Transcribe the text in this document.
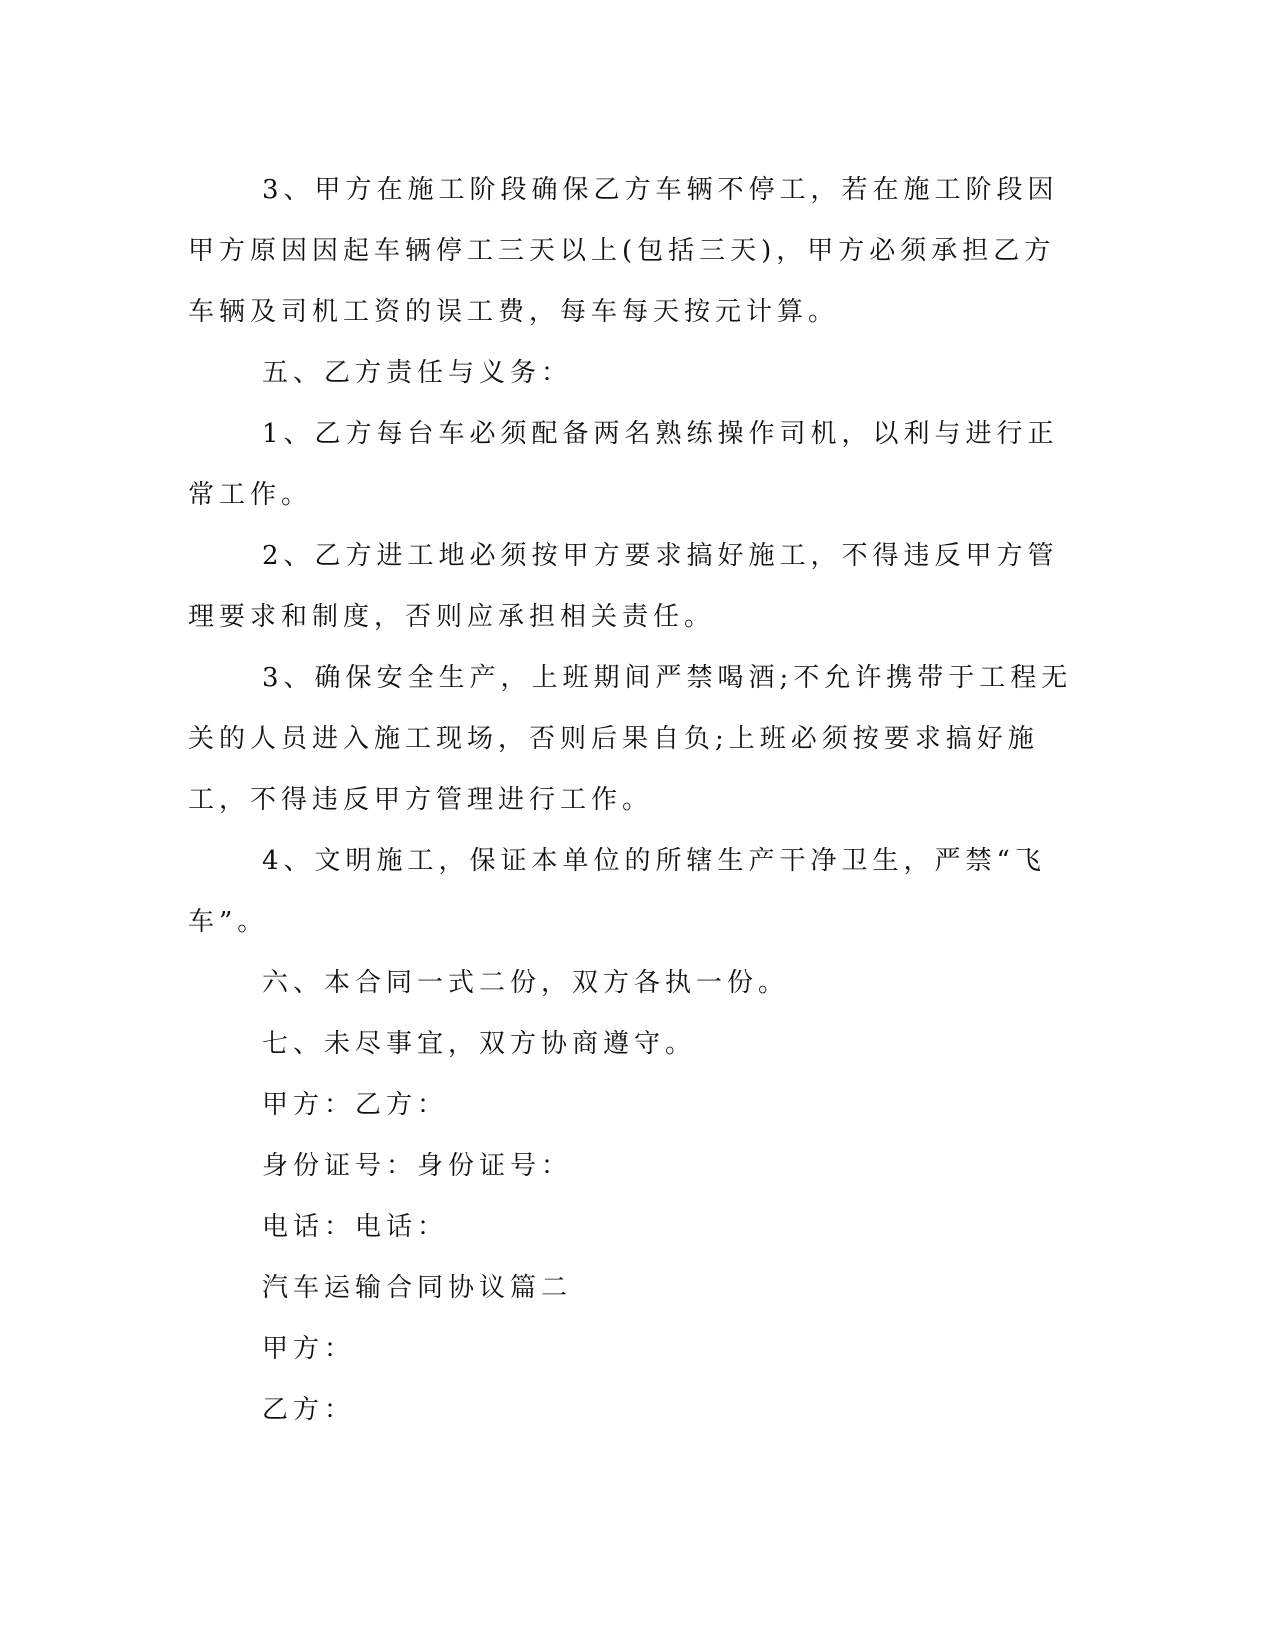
3、甲方在施工阶段确保乙方车辆不停工，若在施工阶段因甲方原因因起车辆停工三天以上(包括三天)，甲方必须承担乙方车辆及司机工资的误工费，每车每天按元计算。

五、乙方责任与义务：

1、乙方每台车必须配备两名熟练操作司机，以利与进行正常工作。

2、乙方进工地必须按甲方要求搞好施工，不得违反甲方管理要求和制度，否则应承担相关责任。

3、确保安全生产，上班期间严禁喝酒;不允许携带于工程无关的人员进入施工现场，否则后果自负;上班必须按要求搞好施工，不得违反甲方管理进行工作。

4、文明施工，保证本单位的所辖生产干净卫生，严禁“飞车”。

六、本合同一式二份，双方各执一份。

七、未尽事宜，双方协商遵守。

甲方：乙方：

身份证号：身份证号：

电话：电话：

汽车运输合同协议篇二

甲方：

乙方：
